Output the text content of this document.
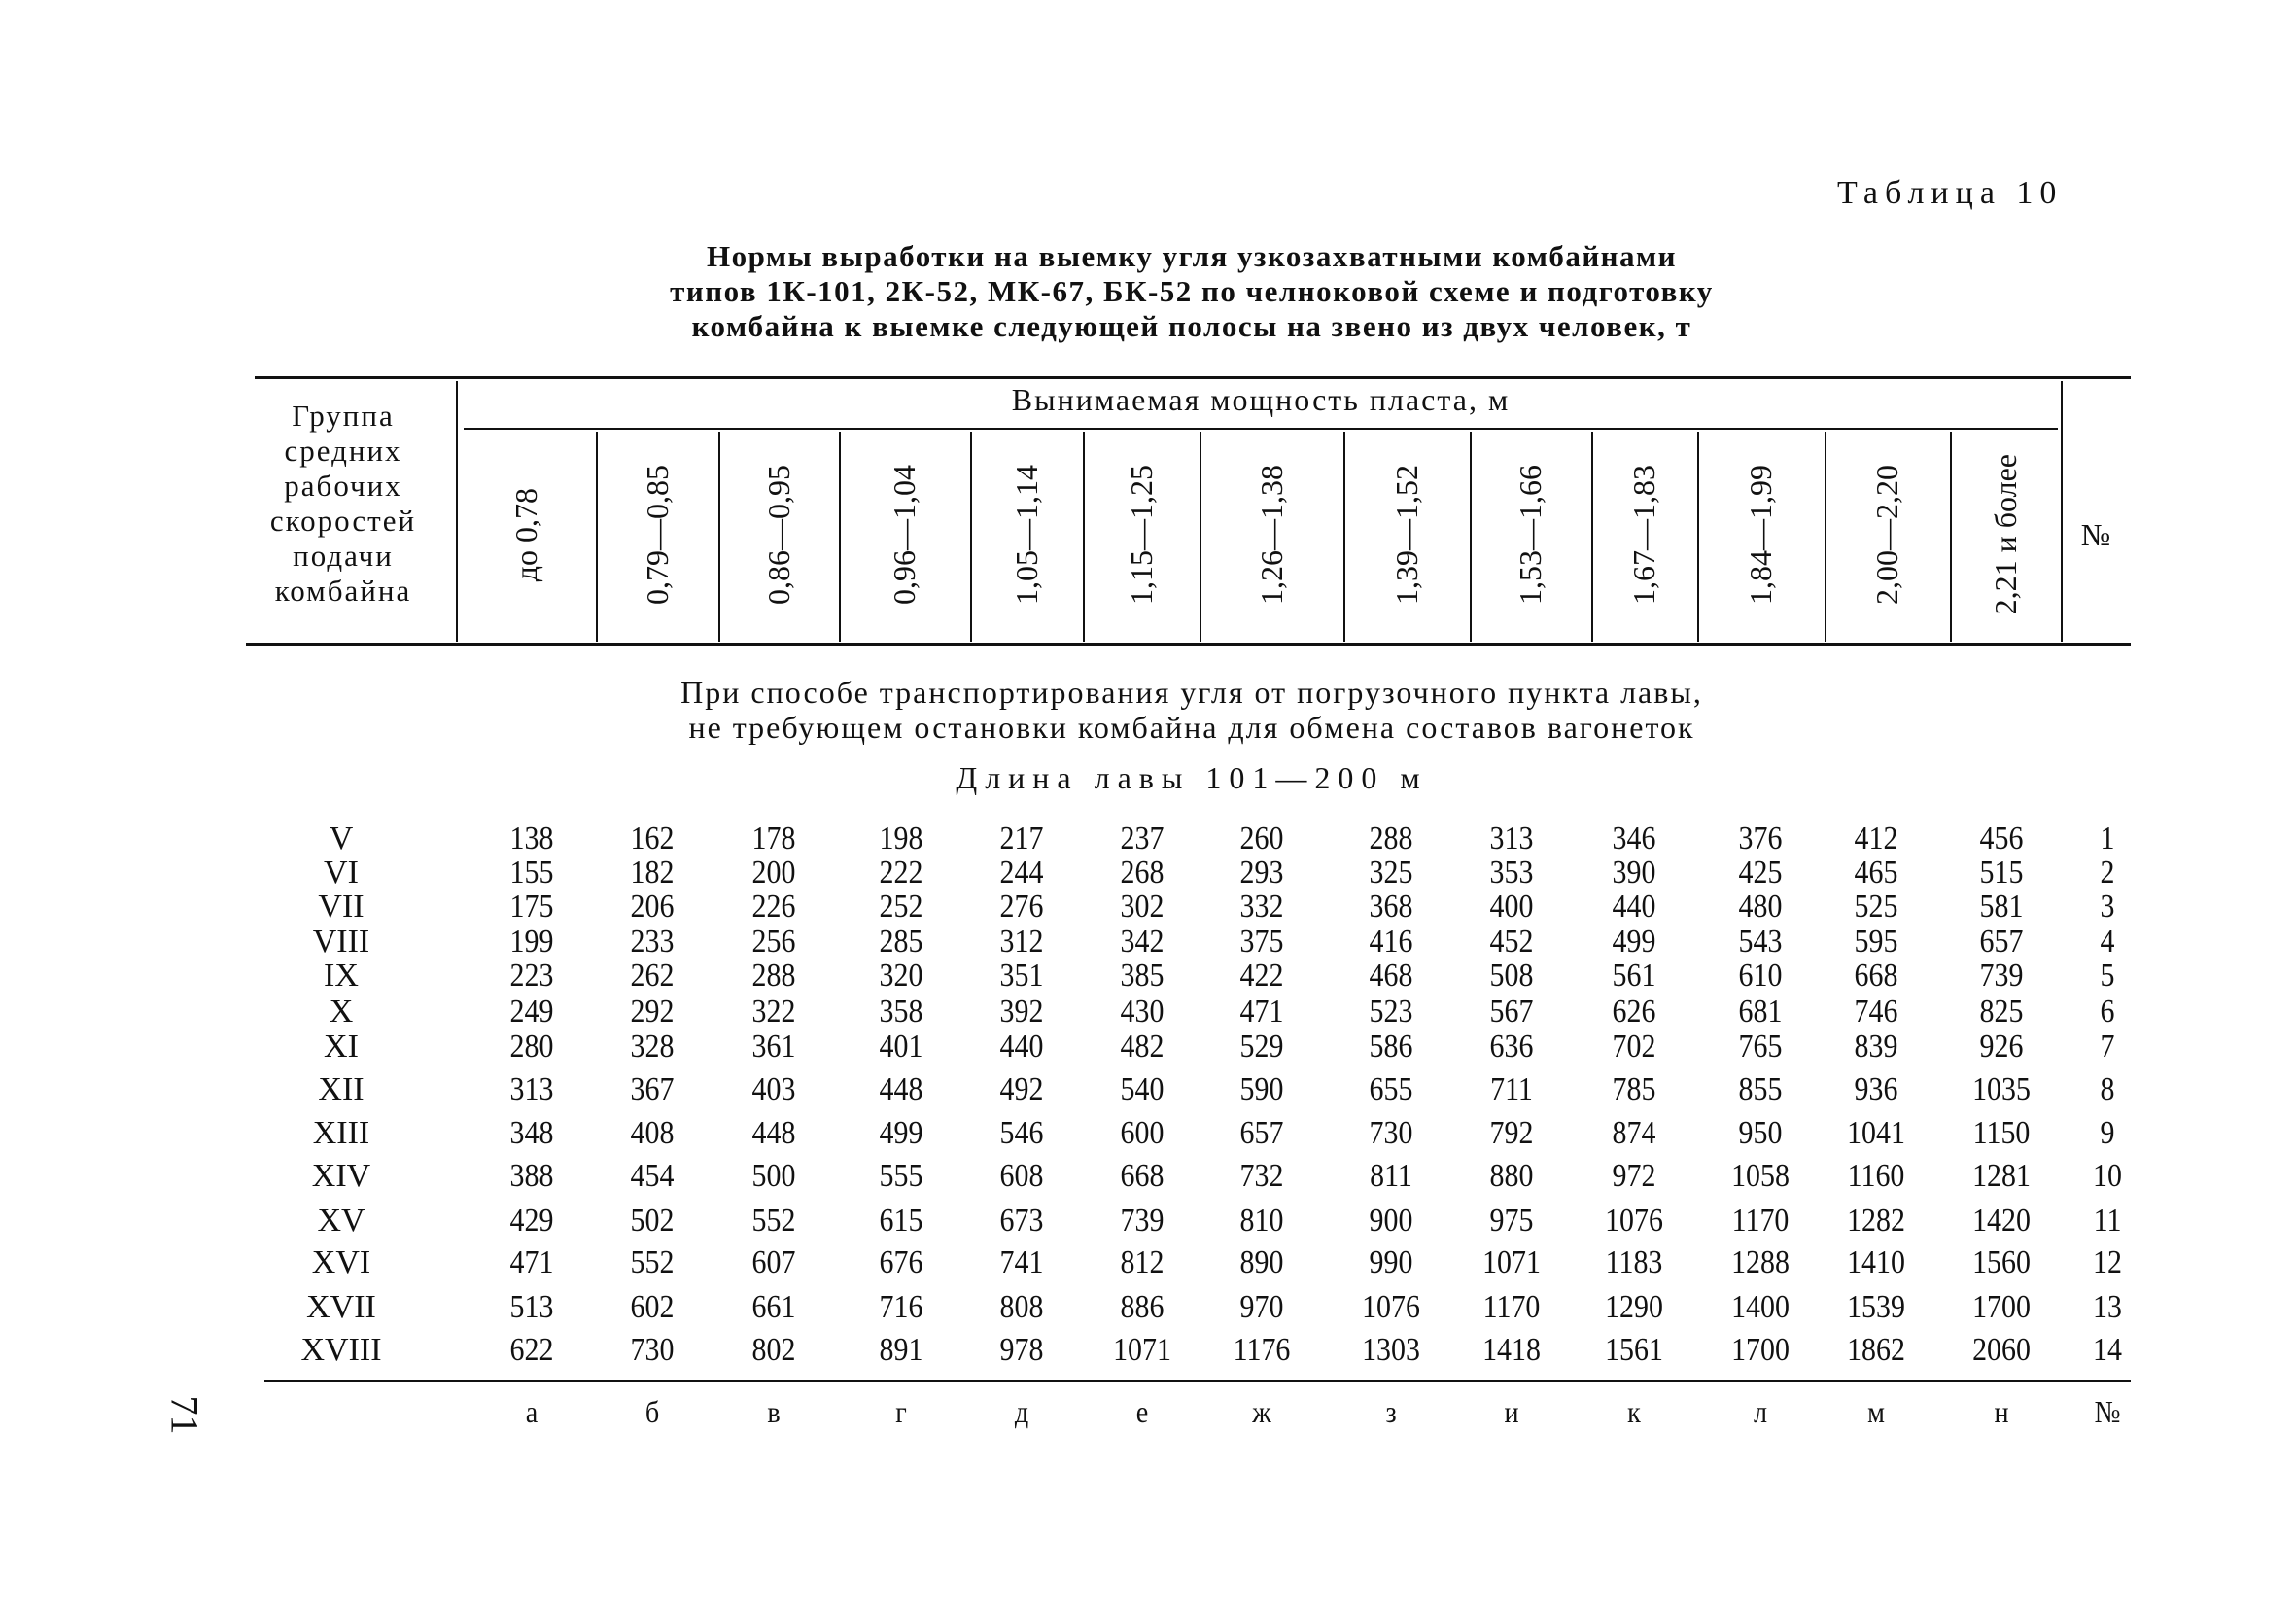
Таблица 10
Нормы выработки на выемку угля узкозахватными комбайнами
типов 1К-101, 2К-52, МК-67, БК-52 по челноковой схеме и подготовку
комбайна к выемке следующей полосы на звено из двух человек, т
Группа средних рабочих скоростей подачи комбайна
Вынимаемая мощность пласта, м
до 0,78	0,79—0,85	0,86—0,95	0,96—1,04	1,05—1,14	1,15—1,25	1,26—1,38	1,39—1,52	1,53—1,66	1,67—1,83	1,84—1,99	2,00—2,20	2,21 и более №
При способе транспортирования угля от погрузочного пункта лавы,
не требующем остановки комбайна для обмена составов вагонеток
Длина лавы 101—200 м
V	138 162 178	198 217 237 260	288 313 346	376 412 456 1
VI	155 182 200	222 244 268 293	325 353 390	425 465 515 2
VII	175 206 226	252 276 302 332	368 400 440	480 525 581 3
VIII	199 233 256	285 312 342 375	416 452 499	543 595 657 4
IX	223 262 288	320 351 385 422	468 508 561	610 668 739 5
X	249 292 322	358 392 430 471	523 567 626	681 746 825 6
XI	280 328 361	401 440 482 529	586 636 702	765 839 926 7
XII	313 367 403	448 492 540 590	655 711 785	855 936 1035 8
XIII	348 408 448	499 546 600 657	730 792 874	950 1041 1150 9
XIV	388 454 500	555 608 668 732	811 880 972 1058 1160 1281 10
XV	429 502 552	615 673 739 810	900 975 1076 1170 1282 1420 11
XVI	471 552 607	676 741 812 890	990 1071 1183 1288 1410 1560 12
XVII	513 602 661	716 808 886 970 1076 1170 1290 1400 1539 1700 13
XVIII	622 730 802	891 978 1071 1176 1303 1418 1561 1700 1862 2060 14
а	б	в	г	д	е	ж	з	и	к	л	м	н	№
71
